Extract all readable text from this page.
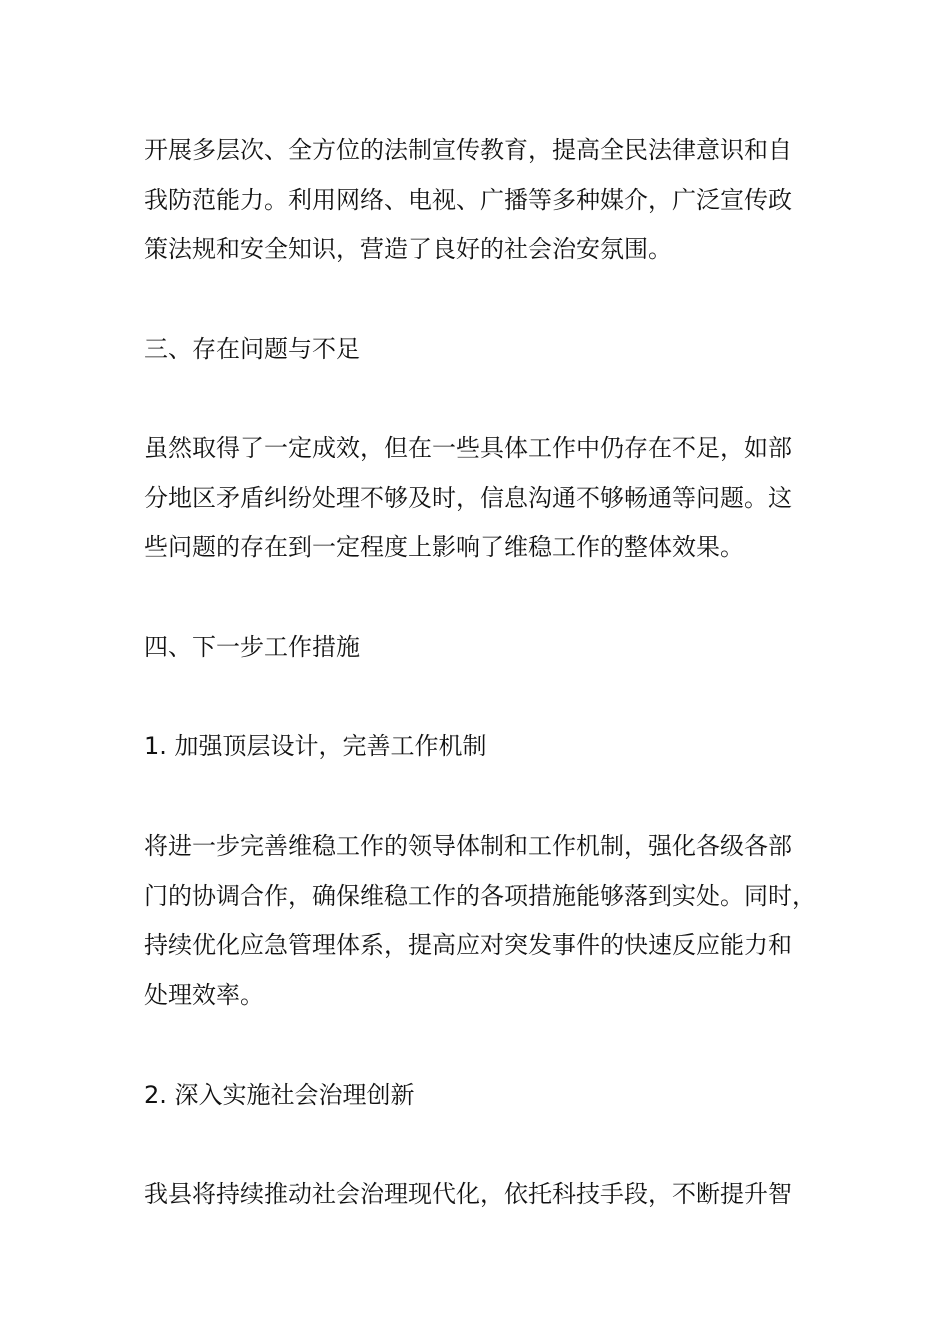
开展多层次、全方位的法制宣传教育，提高全民法律意识和自
我防范能力。利用网络、电视、广播等多种媒介，广泛宣传政
策法规和安全知识，营造了良好的社会治安氛围。

三、存在问题与不足

虽然取得了一定成效，但在一些具体工作中仍存在不足，如部
分地区矛盾纠纷处理不够及时，信息沟通不够畅通等问题。这
些问题的存在到一定程度上影响了维稳工作的整体效果。

四、下一步工作措施

1. 加强顶层设计，完善工作机制

将进一步完善维稳工作的领导体制和工作机制，强化各级各部
门的协调合作，确保维稳工作的各项措施能够落到实处。同时，
持续优化应急管理体系，提高应对突发事件的快速反应能力和
处理效率。

2. 深入实施社会治理创新

我县将持续推动社会治理现代化，依托科技手段，不断提升智
